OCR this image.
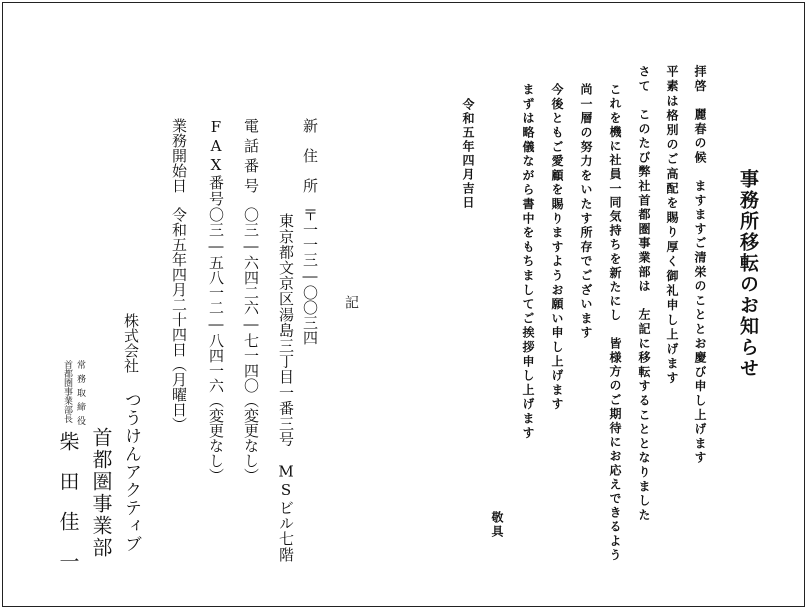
事務所移転のお知らせ
拝啓　麗春の候　ますますご清栄のこととお慶び申し上げます
平素は格別のご高配を賜り厚く御礼申し上げます
さて　このたび弊社首都圏事業部は　左記に移転することとなりました
これを機に社員一同気持ちを新たにし　皆様方のご期待にお応えできるよう
尚一層の努力をいたす所存でございます
今後ともご愛顧を賜りますようお願い申し上げます
まずは略儀ながら書中をもちましてご挨拶申し上げます
敬具
令和五年四月吉日
記
新　住　所
〒一一三―〇〇三四
東京都文京区湯島三丁目一番三号　MSビル七階
電話番号
〇三―六四二六―七一四〇（変更なし）
FAX番号
〇三―五八一二―八四一六（変更なし）
業務開始日
令和五年四月二十四日（月曜日）
株式会社
つうけんアクティブ
首都圏事業部
常務取締役
首都圏事業部長
柴　田　佳　一
